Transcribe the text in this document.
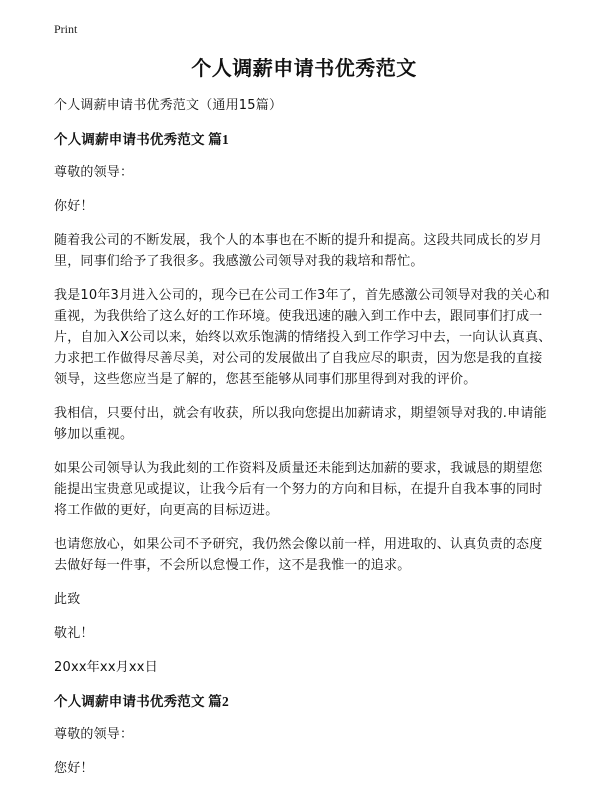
Print
个人调薪申请书优秀范文

个人调薪申请书优秀范文（通用15篇）

个人调薪申请书优秀范文 篇1

尊敬的领导：

你好！

随着我公司的不断发展，我个人的本事也在不断的提升和提高。这段共同成长的岁月里，同事们给予了我很多。我感激公司领导对我的栽培和帮忙。

我是10年3月进入公司的，现今已在公司工作3年了，首先感激公司领导对我的关心和重视，为我供给了这么好的工作环境。使我迅速的融入到工作中去，跟同事们打成一片，自加入X公司以来，始终以欢乐饱满的情绪投入到工作学习中去，一向认认真真、力求把工作做得尽善尽美，对公司的发展做出了自我应尽的职责，因为您是我的直接领导，这些您应当是了解的，您甚至能够从同事们那里得到对我的评价。

我相信，只要付出，就会有收获，所以我向您提出加薪请求，期望领导对我的.申请能够加以重视。

如果公司领导认为我此刻的工作资料及质量还未能到达加薪的要求，我诚恳的期望您能提出宝贵意见或提议，让我今后有一个努力的方向和目标，在提升自我本事的同时将工作做的更好，向更高的目标迈进。

也请您放心，如果公司不予研究，我仍然会像以前一样，用进取的、认真负责的态度去做好每一件事，不会所以怠慢工作，这不是我惟一的追求。

此致

敬礼！

20xx年xx月xx日

个人调薪申请书优秀范文 篇2

尊敬的领导：

您好！
